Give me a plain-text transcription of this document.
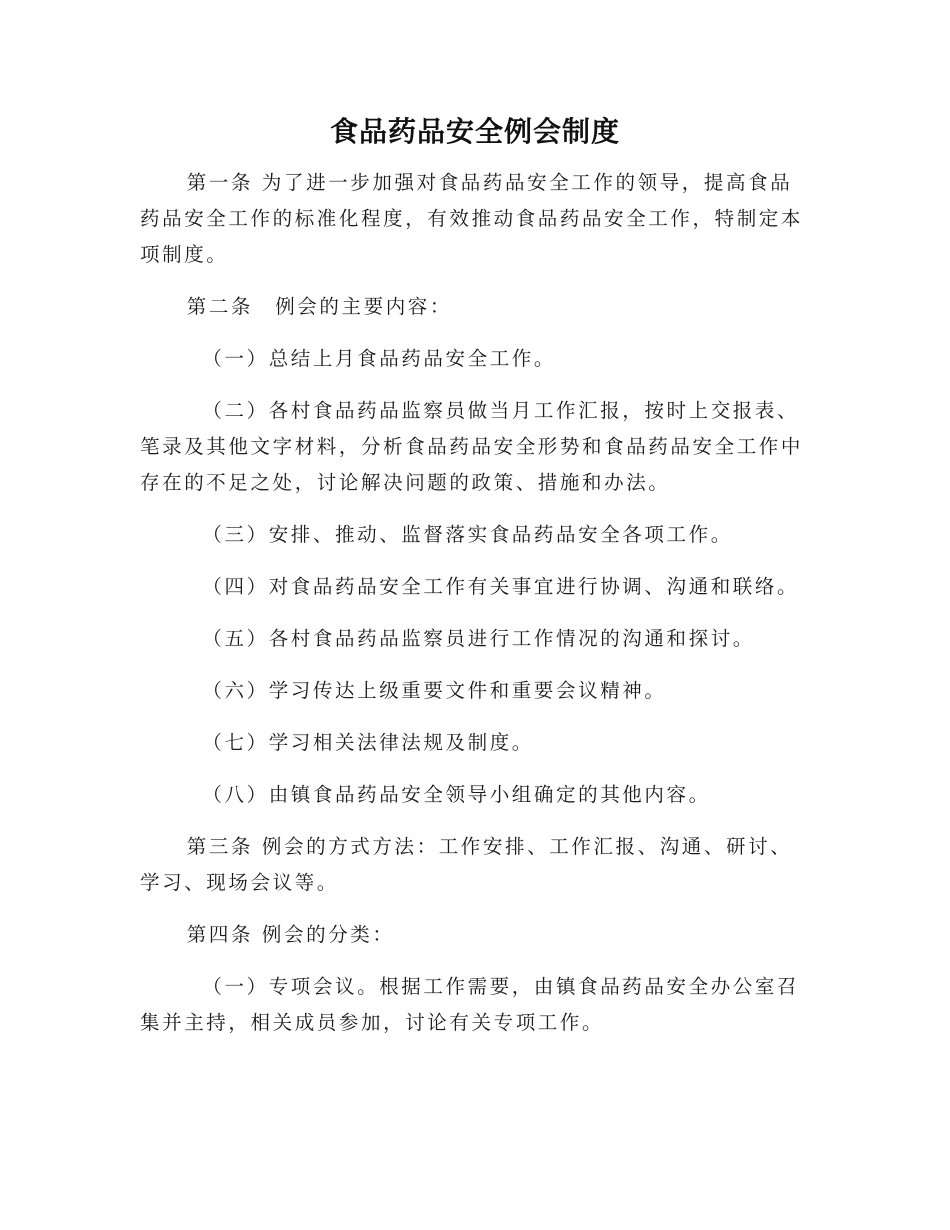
食品药品安全例会制度

第一条 为了进一步加强对食品药品安全工作的领导，提高食品药品安全工作的标准化程度，有效推动食品药品安全工作，特制定本项制度。

第二条　例会的主要内容：

（一）总结上月食品药品安全工作。

（二）各村食品药品监察员做当月工作汇报，按时上交报表、笔录及其他文字材料，分析食品药品安全形势和食品药品安全工作中存在的不足之处，讨论解决问题的政策、措施和办法。

（三）安排、推动、监督落实食品药品安全各项工作。

（四）对食品药品安全工作有关事宜进行协调、沟通和联络。

（五）各村食品药品监察员进行工作情况的沟通和探讨。

（六）学习传达上级重要文件和重要会议精神。

（七）学习相关法律法规及制度。

（八）由镇食品药品安全领导小组确定的其他内容。

第三条 例会的方式方法：工作安排、工作汇报、沟通、研讨、学习、现场会议等。

第四条 例会的分类：

（一）专项会议。根据工作需要，由镇食品药品安全办公室召集并主持，相关成员参加，讨论有关专项工作。
